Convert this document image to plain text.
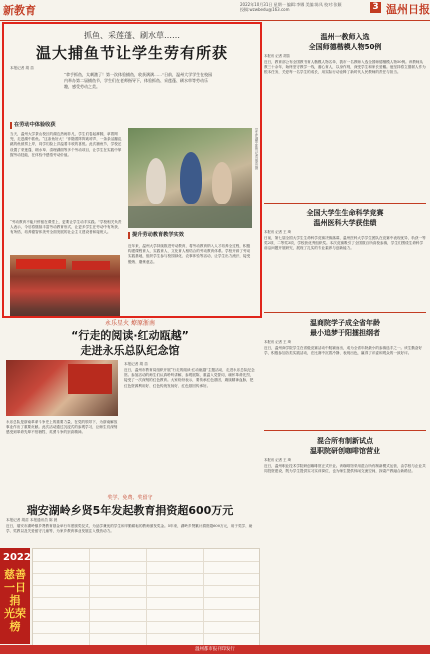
新教育	2022年10月31日 星期一 编辑:李娜 美编:陈凤 校对:张颖
投稿:wzwbedu@163.com	3 温州日报
抓鱼、采莲蓬、刷水草……
温大捕鱼节让学生劳有所获
本报记者 胡 苗
“拿手抓鱼，太刺激了！第一次体验捕鱼，收获满满……”日前，温州大学学生在校园内举办第二届捕鱼节，学生们在老师指导下，体验抓鱼、采莲蓬、刷水草等劳动乐趣，感受劳动之美。
在劳动中体验收获
当天，温州大学茶山校区的湖边热闹非凡，学生们卷起裤腿，拿着网兜，走进湖中抓鱼。“这条鱼好大！”伴随着阵阵欢呼声，一条条活蹦乱跳的鱼被捞上岸，同学们脸上洋溢着丰收的喜悦。此次捕鱼节，学校还设置了采莲蓬、刷水草、清理湖面等多个劳动项目，让学生在实践中掌握劳动技能，在体验中感悟劳动价值。	学生在湖中抓鱼 记者 胡苗 摄
提升劳动教育教学实效
近年来，温州大学持续推进劳动教育，将劳动教育纳入人才培养全过程，积极构建课程育人、实践育人、文化育人相结合的劳动教育体系。学校开辟了劳动实践基地，组织学生参与校园绿化、农事体验等活动，让学生出力流汗，接受锻炼、磨炼意志。
“劳动教育不能只停留在课堂上，更要让学生动手实践。”学校相关负责人表示，今后将继续丰富劳动教育形式，让更多学生在劳动中有所获、有所悟，培养德智体美劳全面发展的社会主义建设者和接班人。
温州一教师入选
全国师德楷模人物50例
本报讯 记者 胡苗
近日，教育部公布全国教书育人楷模人物名单，我市一名教师入选全国师德楷模人物50例。该教师从教三十余年，始终坚守教学一线，潜心育人，以身作则，深受学生和家长爱戴。他坚持将立德树人作为根本任务，关爱每一名学生的成长，用实际行动诠释了新时代人民教师的责任与担当。
全国大学生生命科学竞赛
温州医科大学获佳绩
本报讯 记者 王 琦
日前，第七届全国大学生生命科学竞赛决赛落幕，温州医科大学学生团队在竞赛中表现优异，斩获一等奖2项、二等奖3项，学校获优秀组织奖。本次竞赛吸引了全国数百所高校参赛，学生们围绕生命科学前沿问题开展研究，展现了扎实的专业素养与创新能力。
温商院学子成全省年龄
最小追梦于阳擂担纲者
本报讯 记者 王 琦
近日，温州商学院学生在省级竞赛活动中脱颖而出，成为全省年龄最小的参赛选手之一。该生勤奋好学，积极参加各类实践活动，在比赛中沉着冷静、表现出色，赢得了评委和观众的一致好评。
混合所有制新试点
温职院研创咖啡馆营业
本报讯 记者 王 琦
近日，温州职业技术学院研创咖啡馆正式开业。该咖啡馆采用混合所有制新模式运营，由学校与企业共同投资建设，既为学生提供实习实训岗位，也为师生提供休闲交流空间，探索产教融合新路径。
永乐星火 燎原浙南
“行走的阅读·红动瓯越”
走进永乐总队纪念馆
本报记者 胡 苗
近日，温州市教育局组织开展“行走的阅读·红动瓯越”主题活动，走进永乐总队纪念馆。参加活动的师生们认真聆听讲解，参观展陈，重温入党誓词，缅怀革命先烈，接受了一次深刻的红色教育。大家纷纷表示，要传承红色基因，赓续精神血脉，把红色资源利用好、红色传统发扬好、红色基因传承好。
永乐总队是浙南革命斗争史上的重要力量，在党的领导下，为浙南解放事业作出了重要贡献。此次活动通过沉浸式的参观学习，让师生们深刻感受到革命先辈不怕牺牲、英勇斗争的崇高精神。
奖学、免费、奖留守
瑞安湖岭乡贤5年发起教育捐资超600万元
本报记者 胡苗 本报通讯员 陈 晨
近日，瑞安市湖岭镇乡贤教育基金举行年度颁奖仪式，为品学兼优的学生和辛勤耕耘的教师颁发奖金。5年来，湖岭乡贤累计捐资超600万元，用于奖学、助学、奖教以及关爱留守儿童等，为家乡教育事业发展注入强劲动力。
2022
慈善一日捐 光荣榜
温州都市报刊印发行
